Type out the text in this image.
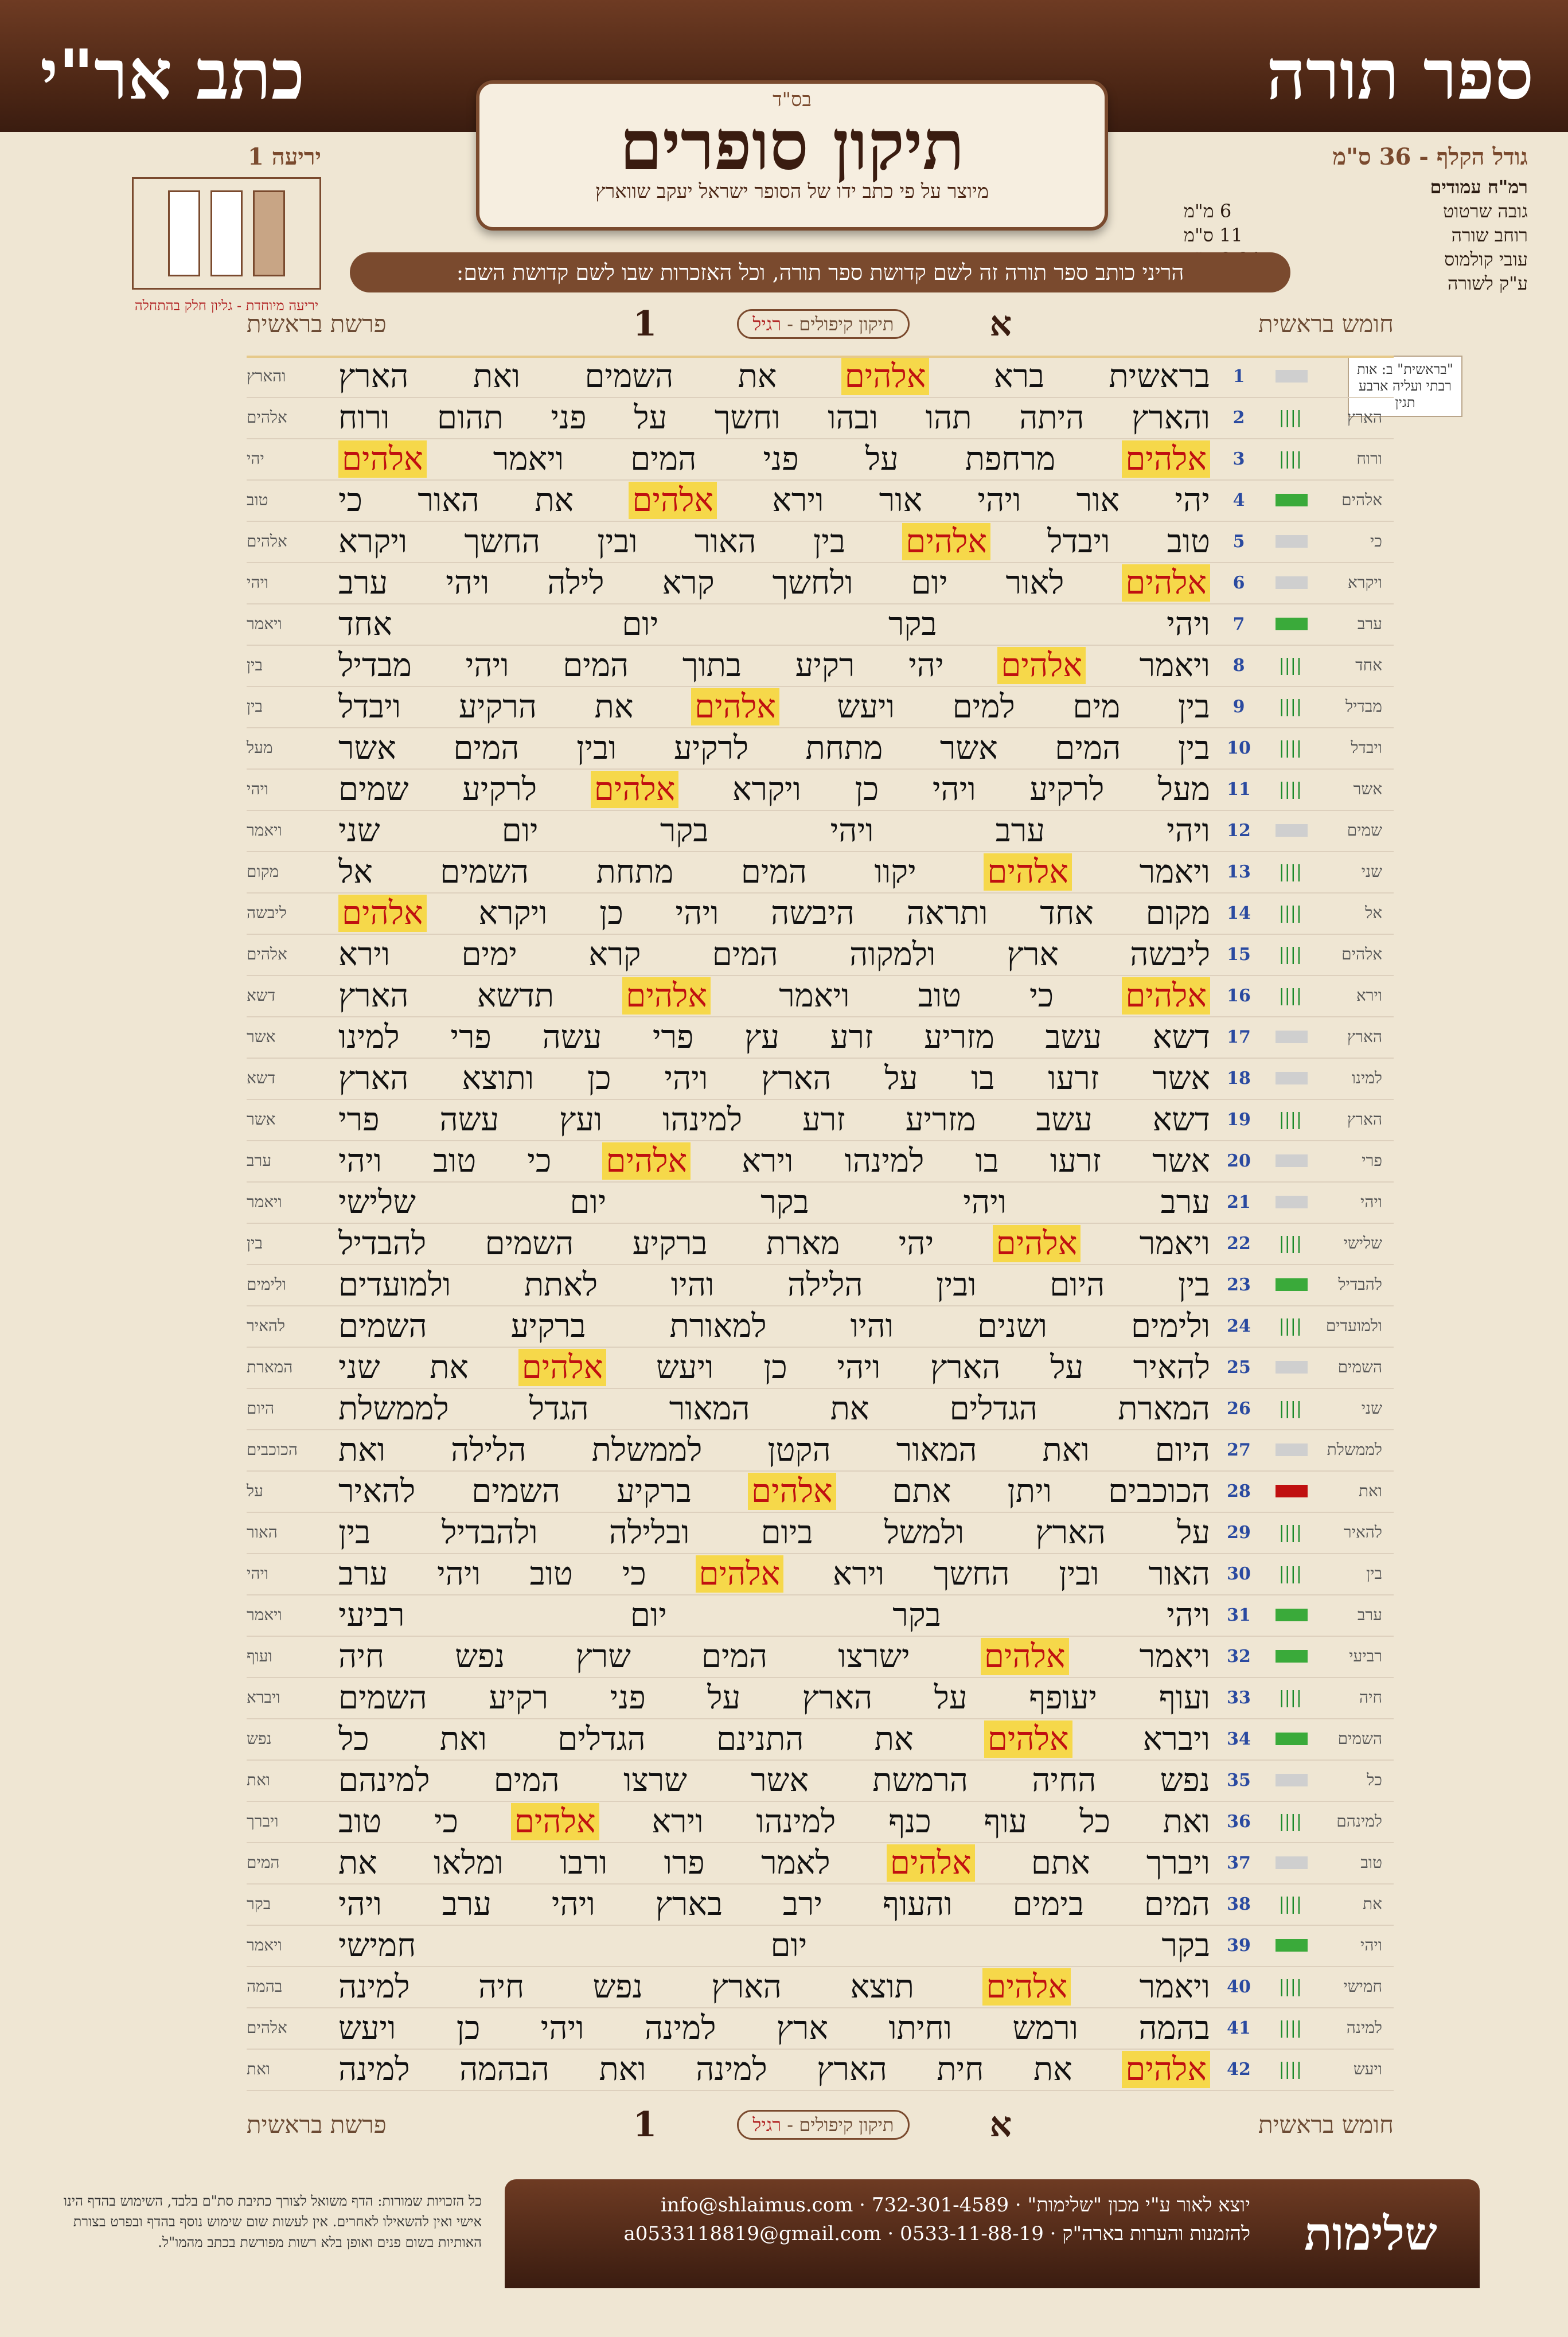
ספר תורה
כתב אר"י	בס"ד
תיקון סופרים
מיוצר על פי כתב ידו של הסופר ישראל יעקב שווארץ
גודל הקלף - 36 ס"מ
רמ"ח עמודים
גובה שרטוט
6 מ"מ
רוחב שורה
11 ס"מ
עובי קולמוס
ע"ק לשורה
יריעה 1
יריעה מיוחדת - גליון חלק בהתחלה
הריני כותב ספר תורה זה לשם קדושת ספר תורה, וכל האזכרות שבו לשם קדושת השם:
חומש בראשית
א
תיקון קיפולים - רגיל
1
פרשת בראשית
"בראשית" ב: אות רבתי ועליה ארבע תגין
1
בראשית ברא אלהים את השמים ואת הארץ
והארץ
הארץ
||||
2
והארץ היתה תהו ובהו וחשך על פני תהום ורוח
אלהים
ורוח
||||
3
אלהים מרחפת על פני המים ויאמר אלהים
יהי
אלהים
4
יהי אור ויהי אור וירא אלהים את האור כי
טוב
כי
5
טוב ויבדל אלהים בין האור ובין החשך ויקרא
אלהים
ויקרא
6
אלהים לאור יום ולחשך קרא לילה ויהי ערב
ויהי
ערב
7
ויהי בקר יום אחד
ויאמר
אחד
||||
8
ויאמר אלהים יהי רקיע בתוך המים ויהי מבדיל
בין
מבדיל
||||
9
בין מים למים ויעש אלהים את הרקיע ויבדל
בין
ויבדל
||||
10
בין המים אשר מתחת לרקיע ובין המים אשר
מעל
אשר
||||
11
מעל לרקיע ויהי כן ויקרא אלהים לרקיע שמים
ויהי
שמים
12
ויהי ערב ויהי בקר יום שני
ויאמר
שני
||||
13
ויאמר אלהים יקוו המים מתחת השמים אל
מקום
אל
||||
14
מקום אחד ותראה היבשה ויהי כן ויקרא אלהים
ליבשה
אלהים
||||
15
ליבשה ארץ ולמקוה המים קרא ימים וירא
אלהים
וירא
||||
16
אלהים כי טוב ויאמר אלהים תדשא הארץ
דשא
הארץ
17
דשא עשב מזריע זרע עץ פרי עשה פרי למינו
אשר
למינו
18
אשר זרעו בו על הארץ ויהי כן ותוצא הארץ
דשא
הארץ
||||
19
דשא עשב מזריע זרע למינהו ועץ עשה פרי
אשר
פרי
20
אשר זרעו בו למינהו וירא אלהים כי טוב ויהי
ערב
ויהי
21
ערב ויהי בקר יום שלישי
ויאמר
שלישי
||||
22
ויאמר אלהים יהי מארת ברקיע השמים להבדיל
בין
להבדיל
23
בין היום ובין הלילה והיו לאתת ולמועדים
ולימים
ולמועדים
||||
24
ולימים ושנים והיו למאורת ברקיע השמים
להאיר
השמים
25
להאיר על הארץ ויהי כן ויעש אלהים את שני
המארת
שני
||||
26
המארת הגדלים את המאור הגדל לממשלת
היום
לממשלת
27
היום ואת המאור הקטן לממשלת הלילה ואת
הכוכבים
ואת
28
הכוכבים ויתן אתם אלהים ברקיע השמים להאיר
על
להאיר
||||
29
על הארץ ולמשל ביום ובלילה ולהבדיל בין
האור
בין
||||
30
האור ובין החשך וירא אלהים כי טוב ויהי ערב
ויהי
ערב
31
ויהי בקר יום רביעי
ויאמר
רביעי
32
ויאמר אלהים ישרצו המים שרץ נפש חיה
ועוף
חיה
||||
33
ועוף יעופף על הארץ על פני רקיע השמים
ויברא
השמים
34
ויברא אלהים את התנינם הגדלים ואת כל
נפש
כל
35
נפש החיה הרמשת אשר שרצו המים למינהם
ואת
למינהם
||||
36
ואת כל עוף כנף למינהו וירא אלהים כי טוב
ויברך
טוב
37
ויברך אתם אלהים לאמר פרו ורבו ומלאו את
המים
את
||||
38
המים בימים והעוף ירב בארץ ויהי ערב ויהי
בקר
ויהי
39
בקר יום חמישי
ויאמר
חמישי
||||
40
ויאמר אלהים תוצא הארץ נפש חיה למינה
בהמה
למינה
||||
41
בהמה ורמש וחיתו ארץ למינה ויהי כן ויעש
אלהים
ויעש
||||
42
אלהים את חית הארץ למינה ואת הבהמה למינה
ואת
חומש בראשית
א
תיקון קיפולים - רגיל
1
פרשת בראשית
כל הזכויות שמורות: הדף משואל לצורך כתיבת סת"ם בלבד, השימוש בהדף הינו אישי ואין להשאילו לאחרים. אין לעשות שום שימוש נוסף בהדף ובפרט בצורת האותיות בשום פנים ואופן בלא רשות מפורשת בכתב מהמו"ל.	שלימות
יוצא לאור ע"י מכון "שלימות" · 732-301-4589 · info@shlaimus.com
להזמנות והערות בארה"ק · 0533-11-88-19 · a0533118819@gmail.com
